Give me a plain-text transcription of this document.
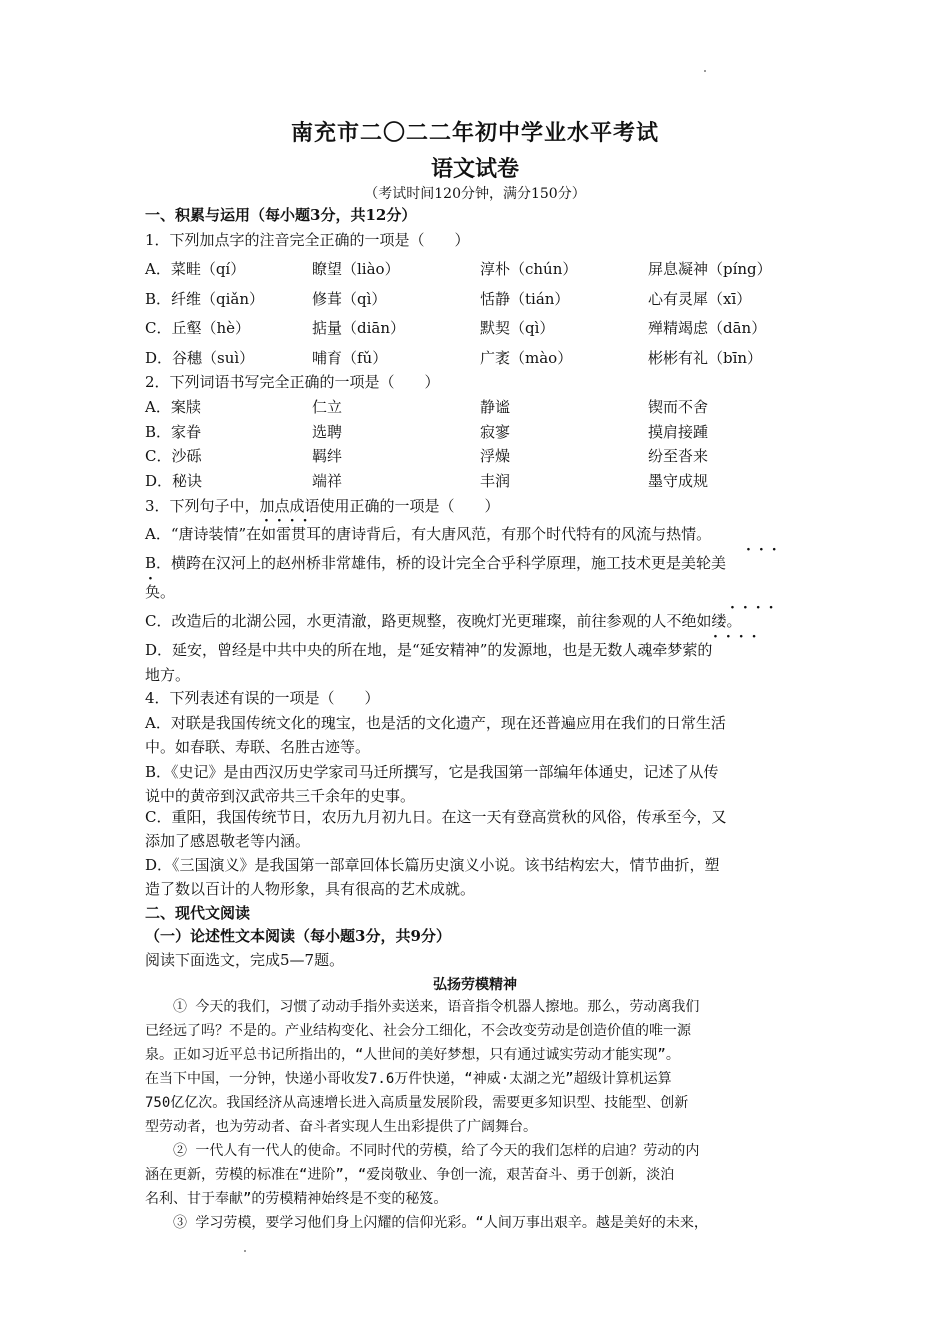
南充市二〇二二年初中学业水平考试
语文试卷
（考试时间120分钟，满分150分）
一、积累与运用（每小题3分，共12分）
1．下列加点字的注音完全正确的一项是（　　）
A．菜畦（qí）	瞭望（liào）	淳朴（chún）	屏息凝神（píng）
B．纤维（qiǎn）	修葺（qì）	恬静（tián）	心有灵犀（xī）
C．丘壑（hè）	掂量（diān）	默契（qì）	殚精竭虑（dān）
D．谷穗（suì）	哺育（fǔ）	广袤（mào）	彬彬有礼（bīn）
2．下列词语书写完全正确的一项是（　　）
A．案牍	仁立	静谧	锲而不舍
B．家眷	选聘	寂寥	摸肩接踵
C．沙砾	羁绊	浮燥	纷至沓来
D．秘诀	端祥	丰润	墨守成规
3．下列句子中，加点成语使用正确的一项是（　　）
A．“唐诗装情”在如雷贯耳的唐诗背后，有大唐风范，有那个时代特有的风流与热情。
B．横跨在汉河上的赵州桥非常雄伟，桥的设计完全合乎科学原理，施工技术更是美轮美
奂。
C．改造后的北湖公园，水更清澈，路更规整，夜晚灯光更璀璨，前往参观的人不绝如缕。
D．延安，曾经是中共中央的所在地，是“延安精神”的发源地，也是无数人魂牵梦萦的
地方。
····
···
·
····
····
4．下列表述有误的一项是（　　）
A．对联是我国传统文化的瑰宝，也是活的文化遗产，现在还普遍应用在我们的日常生活
中。如春联、寿联、名胜古迹等。
B．《史记》是由西汉历史学家司马迁所撰写，它是我国第一部编年体通史，记述了从传
说中的黄帝到汉武帝共三千余年的史事。
C．重阳，我国传统节日，农历九月初九日。在这一天有登高赏秋的风俗，传承至今，又
添加了感恩敬老等内涵。
D．《三国演义》是我国第一部章回体长篇历史演义小说。该书结构宏大，情节曲折，塑
造了数以百计的人物形象，具有很高的艺术成就。
二、现代文阅读
（一）论述性文本阅读（每小题3分，共9分）
阅读下面选文，完成5—7题。
弘扬劳模精神
　　① 今天的我们，习惯了动动手指外卖送来，语音指令机器人擦地。那么，劳动离我们
已经远了吗？不是的。产业结构变化、社会分工细化，不会改变劳动是创造价值的唯一源
泉。正如习近平总书记所指出的，“人世间的美好梦想，只有通过诚实劳动才能实现”。
在当下中国，一分钟，快递小哥收发7.6万件快递，“神威·太湖之光”超级计算机运算
750亿亿次。我国经济从高速增长进入高质量发展阶段，需要更多知识型、技能型、创新
型劳动者，也为劳动者、奋斗者实现人生出彩提供了广阔舞台。
　　② 一代人有一代人的使命。不同时代的劳模，给了今天的我们怎样的启迪？劳动的内
涵在更新，劳模的标准在“进阶”，“爱岗敬业、争创一流，艰苦奋斗、勇于创新，淡泊
名利、甘于奉献”的劳模精神始终是不变的秘笈。
　　③ 学习劳模，要学习他们身上闪耀的信仰光彩。“人间万事出艰辛。越是美好的未来，
